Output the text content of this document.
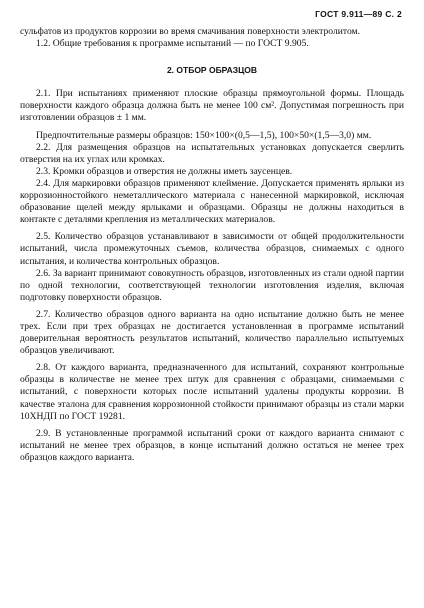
ГОСТ 9.911—89 С. 2

сульфатов из продуктов коррозии во время смачивания поверхности электролитом.

1.2. Общие требования к программе испытаний — по ГОСТ 9.905.

2. ОТБОР ОБРАЗЦОВ

2.1. При испытаниях применяют плоские образцы прямоугольной формы. Площадь поверхности каждого образца должна быть не менее 100 см². Допустимая погрешность при изготовлении образцов ± 1 мм.

Предпочтительные размеры образцов: 150×100×(0,5—1,5), 100×50×(1,5—3,0) мм.

2.2. Для размещения образцов на испытательных установках допускается сверлить отверстия на их углах или кромках.

2.3. Кромки образцов и отверстия не должны иметь заусенцев.

2.4. Для маркировки образцов применяют клеймение. Допускается применять ярлыки из коррозионностойкого неметаллического материала с нанесенной маркировкой, исключая образование щелей между ярлыками и образцами. Образцы не должны находиться в контакте с деталями крепления из металлических материалов.

2.5. Количество образцов устанавливают в зависимости от общей продолжительности испытаний, числа промежуточных съемов, количества образцов, снимаемых с одного испытания, и количества контрольных образцов.

2.6. За вариант принимают совокупность образцов, изготовленных из стали одной партии по одной технологии, соответствующей технологии изготовления изделия, включая подготовку поверхности образцов.

2.7. Количество образцов одного варианта на одно испытание должно быть не менее трех. Если при трех образцах не достигается установленная в программе испытаний доверительная вероятность результатов испытаний, количество параллельно испытуемых образцов увеличивают.

2.8. От каждого варианта, предназначенного для испытаний, сохраняют контрольные образцы в количестве не менее трех штук для сравнения с образцами, снимаемыми с испытаний, с поверхности которых после испытаний удалены продукты коррозии. В качестве эталона для сравнения коррозионной стойкости принимают образцы из стали марки 10ХНДП по ГОСТ 19281.

2.9. В установленные программой испытаний сроки от каждого варианта снимают с испытаний не менее трех образцов, в конце испытаний должно остаться не менее трех образцов каждого варианта.
